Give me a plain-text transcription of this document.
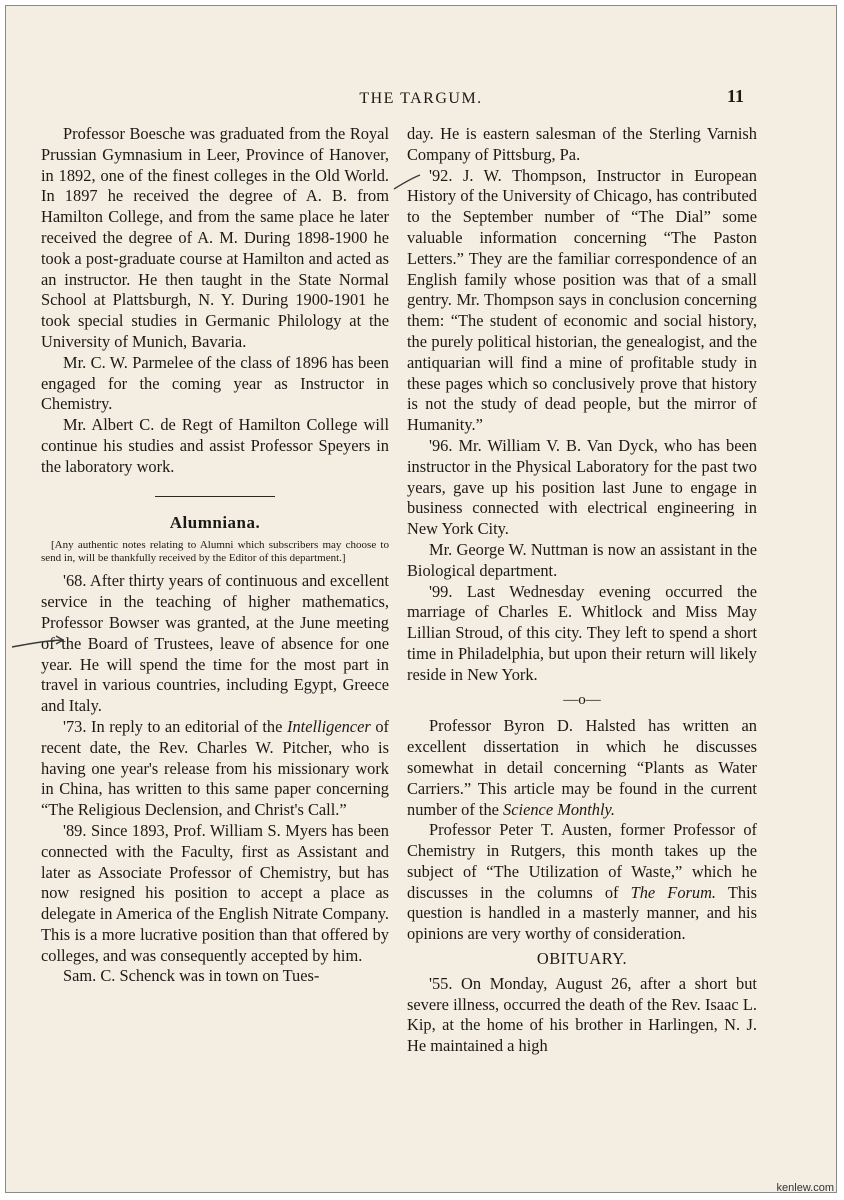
THE TARGUM.	11

Professor Boesche was graduated from the Royal Prussian Gymnasium in Leer, Province of Hanover, in 1892, one of the finest colleges in the Old World. In 1897 he received the degree of A. B. from Hamilton College, and from the same place he later received the degree of A. M. During 1898-1900 he took a post-graduate course at Hamilton and acted as an instructor. He then taught in the State Normal School at Plattsburgh, N. Y. During 1900-1901 he took special studies in Germanic Philology at the University of Munich, Bavaria.

Mr. C. W. Parmelee of the class of 1896 has been engaged for the coming year as Instructor in Chemistry.

Mr. Albert C. de Regt of Hamilton College will continue his studies and assist Professor Speyers in the laboratory work.

Alumniana.

[Any authentic notes relating to Alumni which subscribers may choose to send in, will be thankfully received by the Editor of this department.]

'68. After thirty years of continuous and excellent service in the teaching of higher mathematics, Professor Bowser was granted, at the June meeting of the Board of Trustees, leave of absence for one year. He will spend the time for the most part in travel in various countries, including Egypt, Greece and Italy.

'73. In reply to an editorial of the Intelligencer of recent date, the Rev. Charles W. Pitcher, who is having one year's release from his missionary work in China, has written to this same paper concerning “The Religious Declension, and Christ's Call.”

'89. Since 1893, Prof. William S. Myers has been connected with the Faculty, first as Assistant and later as Associate Professor of Chemistry, but has now resigned his position to accept a place as delegate in America of the English Nitrate Company. This is a more lucrative position than that offered by colleges, and was consequently accepted by him.

Sam. C. Schenck was in town on Tues-

day. He is eastern salesman of the Sterling Varnish Company of Pittsburg, Pa.

'92. J. W. Thompson, Instructor in European History of the University of Chicago, has contributed to the September number of “The Dial” some valuable information concerning “The Paston Letters.” They are the familiar correspondence of an English family whose position was that of a small gentry. Mr. Thompson says in conclusion concerning them: “The student of economic and social history, the purely political historian, the genealogist, and the antiquarian will find a mine of profitable study in these pages which so conclusively prove that history is not the study of dead people, but the mirror of Humanity.”

'96. Mr. William V. B. Van Dyck, who has been instructor in the Physical Laboratory for the past two years, gave up his position last June to engage in business connected with electrical engineering in New York City.

Mr. George W. Nuttman is now an assistant in the Biological department.

'99. Last Wednesday evening occurred the marriage of Charles E. Whitlock and Miss May Lillian Stroud, of this city. They left to spend a short time in Philadelphia, but upon their return will likely reside in New York.

—o—

Professor Byron D. Halsted has written an excellent dissertation in which he discusses somewhat in detail concerning “Plants as Water Carriers.” This article may be found in the current number of the Science Monthly.

Professor Peter T. Austen, former Professor of Chemistry in Rutgers, this month takes up the subject of “The Utilization of Waste,” which he discusses in the columns of The Forum. This question is handled in a masterly manner, and his opinions are very worthy of consideration.

OBITUARY.

'55. On Monday, August 26, after a short but severe illness, occurred the death of the Rev. Isaac L. Kip, at the home of his brother in Harlingen, N. J. He maintained a high

kenlew.com
